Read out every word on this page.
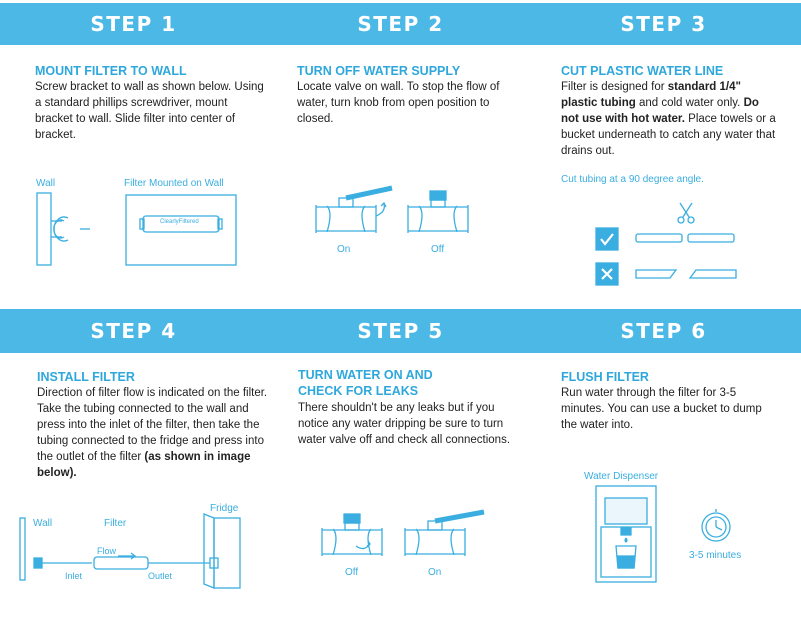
STEP 1	STEP 2	STEP 3
STEP 4	STEP 5	STEP 6
MOUNT FILTER TO WALL
Screw bracket to wall as shown below. Using a standard phillips screwdriver, mount bracket to wall. Slide filter into center of bracket.
Wall	Filter Mounted on Wall
ClearlyFiltered
TURN OFF WATER SUPPLY
Locate valve on wall. To stop the flow of water, turn knob from open position to closed.
On	Off
CUT PLASTIC WATER LINE
Filter is designed for standard 1/4" plastic tubing and cold water only. Do not use with hot water. Place towels or a bucket underneath to catch any water that drains out.
Cut tubing at a 90 degree angle.
INSTALL FILTER
Direction of filter flow is indicated on the filter. Take the tubing connected to the wall and press into the inlet of the filter, then take the tubing connected to the fridge and press into the outlet of the filter (as shown in image below).
Wall	Filter
Fridge
Flow
Inlet	Outlet
TURN WATER ON AND
CHECK FOR LEAKS
There shouldn't be any leaks but if you notice any water dripping be sure to turn water valve off and check all connections.
Off	On
FLUSH FILTER
Run water through the filter for 3-5 minutes. You can use a bucket to dump the water into.
Water Dispenser
3-5 minutes
